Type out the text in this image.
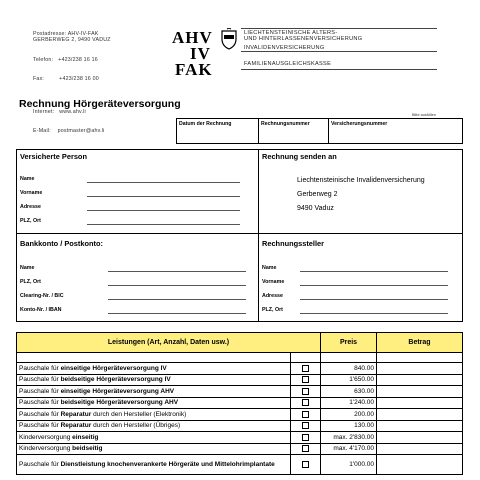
Postadresse: AHV-IV-FAK
GERBERWEG 2, 9490 VADUZ

Telefon:   +423/238 16 16

Fax:         +423/238 16 00

Internet:   www.ahv.li

E-Mail:    postmaster@ahv.li

AHV
IV
FAK
LIECHTENSTEINISCHE ALTERS-
UND HINTERLASSENENVERSICHERUNG
INVALIDENVERSICHERUNG
FAMILIENAUSGLEICHSKASSE
Rechnung Hörgeräteversorgung
Bitte ausfüllen
Datum der Rechnung	Rechnungsnummer	Versicherungsnummer
Versicherte Person
Name
Vorname
Adresse
PLZ, Ort
Rechnung senden an
Liechtensteinische Invalidenversicherung
Gerberweg 2
9490 Vaduz
Bankkonto / Postkonto:
Name
PLZ, Ort
Clearing-Nr. / BIC
Konto-Nr. / IBAN
Rechnungssteller
Name
Vorname
Adresse
PLZ, Ort
Leistungen (Art, Anzahl, Daten usw.)		Preis	Betrag

Pauschale für einseitige Hörgeräteversorgung IV		840.00	
Pauschale für beidseitige Hörgeräteversorgung IV		1'650.00	
Pauschale für einseitige Hörgeräteversorgung AHV		630.00	
Pauschale für beidseitige Hörgeräteversorgung AHV		1'240.00	
Pauschale für Reparatur durch den Hersteller (Elektronik)		200.00	
Pauschale für Reparatur durch den Hersteller (Übriges)		130.00	
Kinderversorgung einseitig		max. 2'830.00	
Kinderversorgung beidseitig		max. 4'170.00	
Pauschale für Dienstleistung knochenverankerte Hörgeräte und Mittelohrimplantate		1'000.00	
